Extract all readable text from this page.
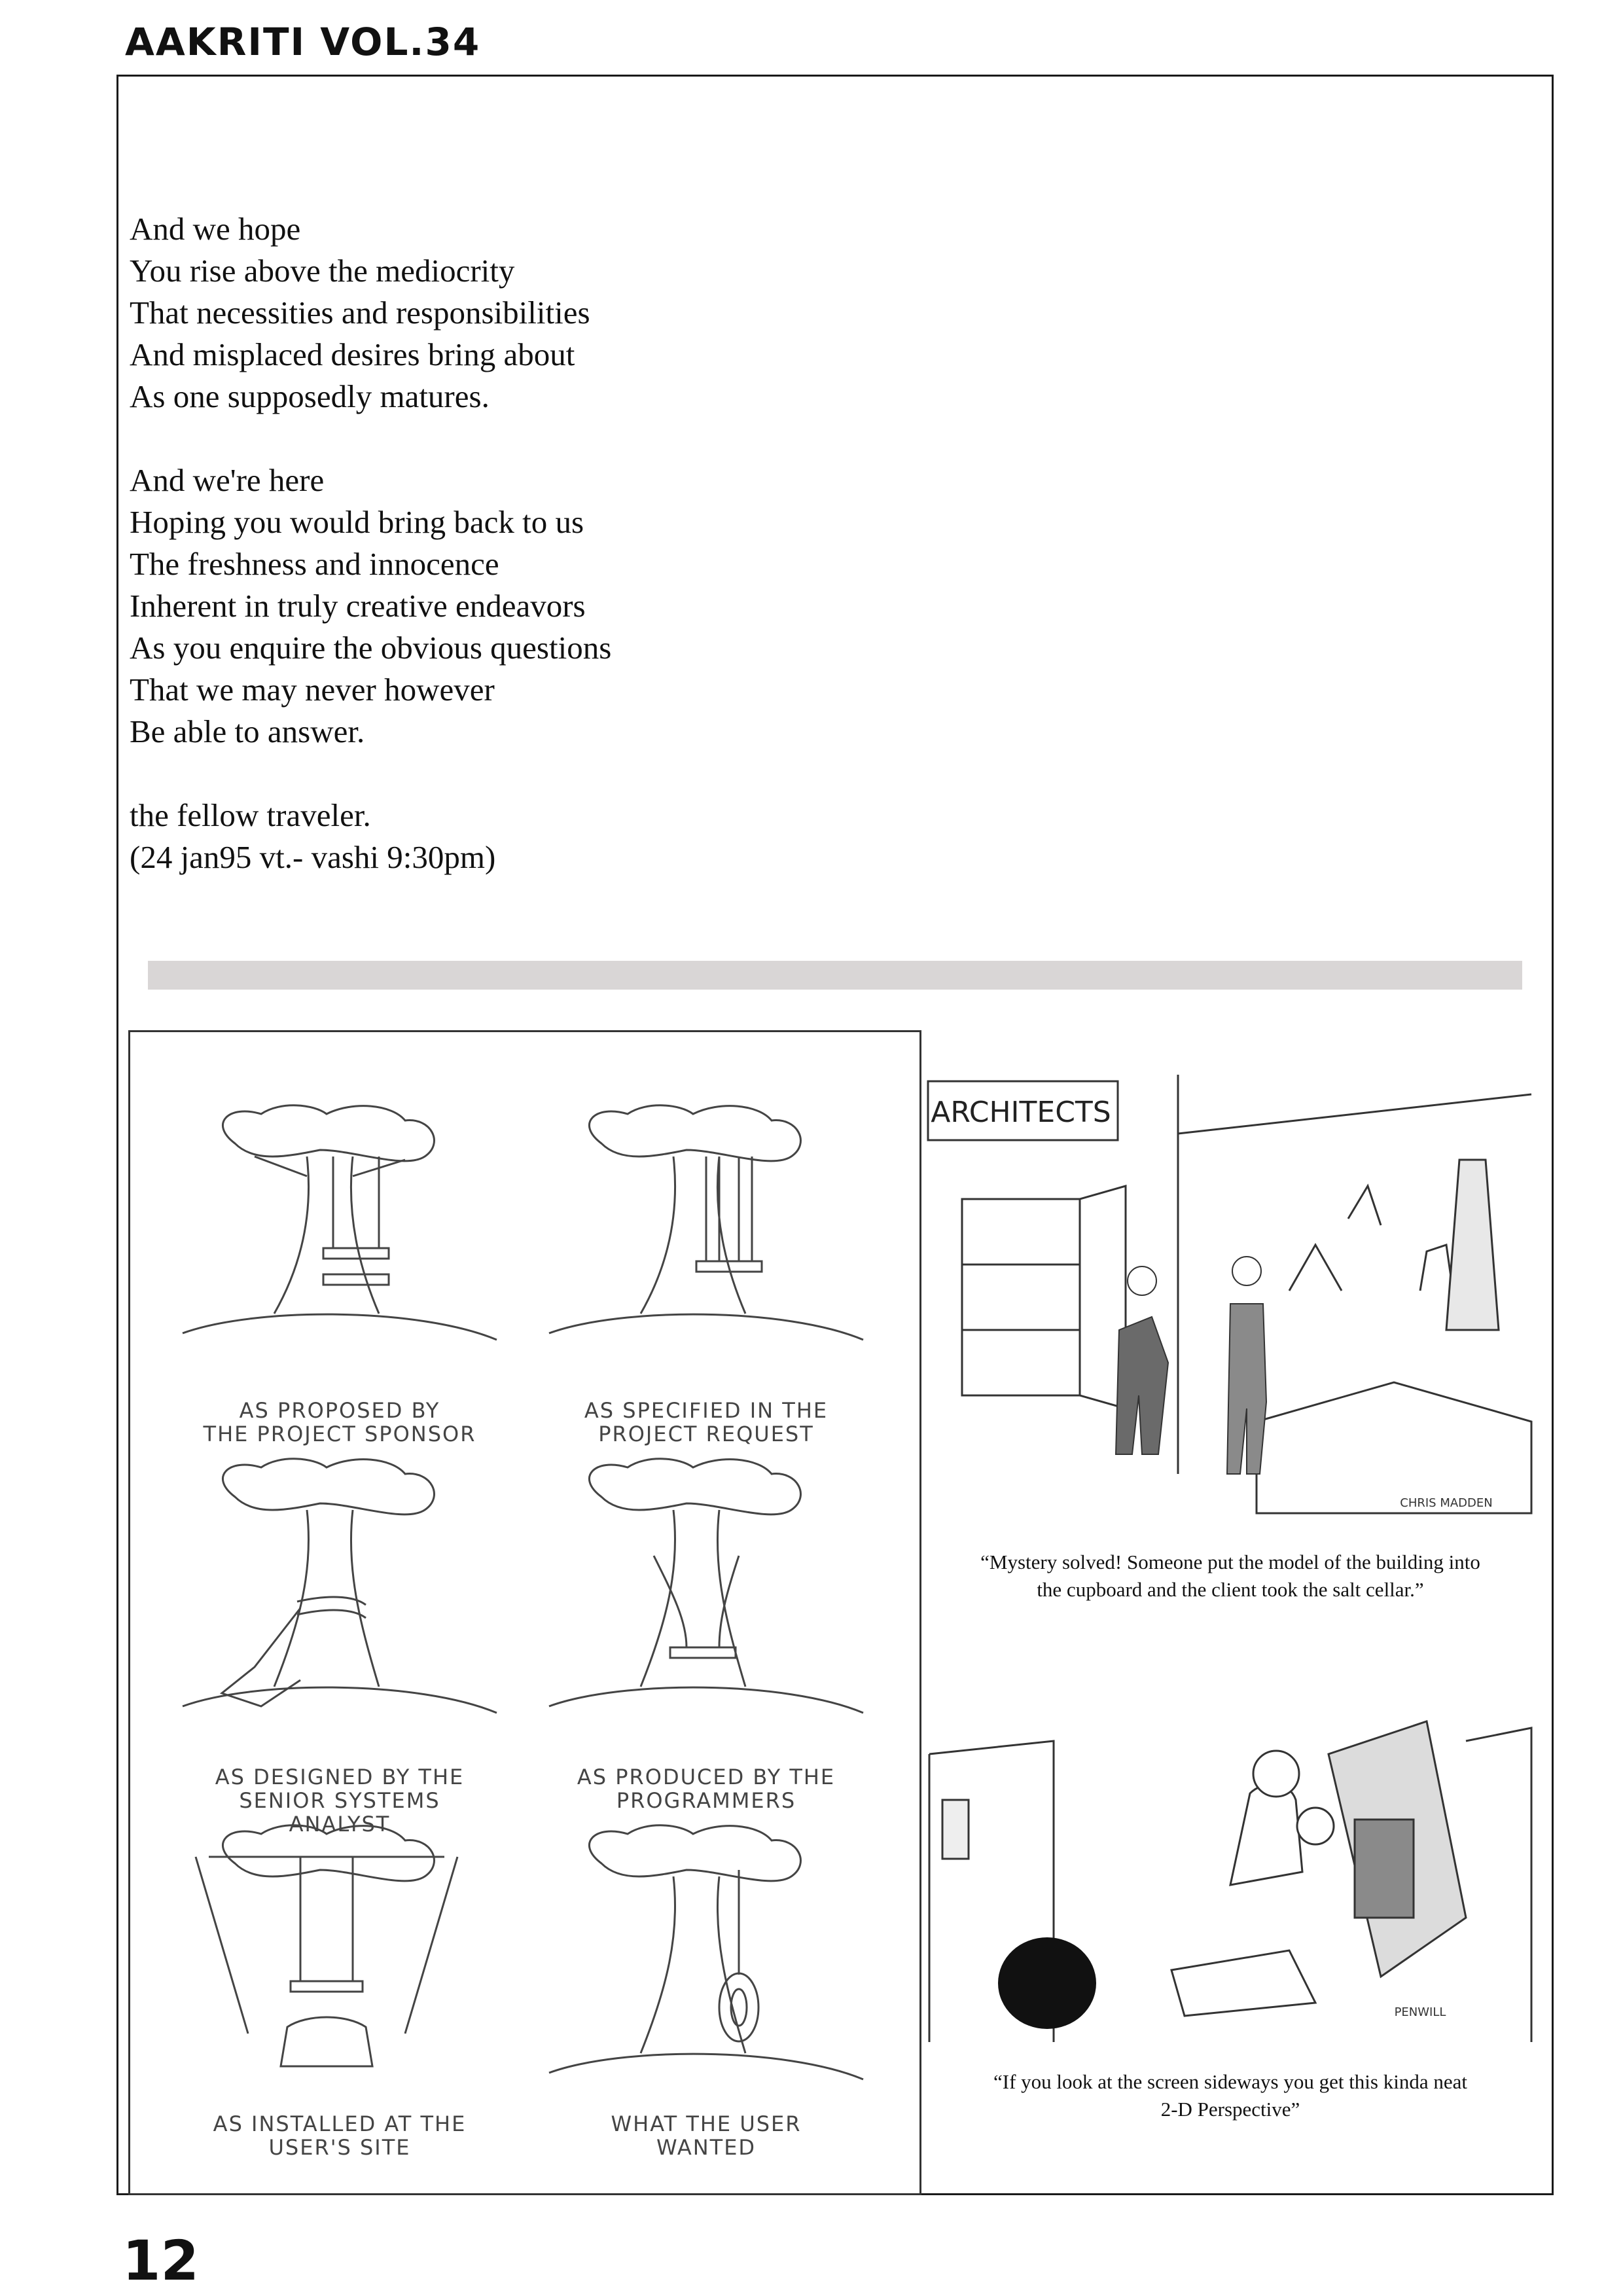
AAKRITI VOL.34
And we hope
You rise above the mediocrity
That necessities and responsibilities
And misplaced desires bring about
As one supposedly matures.
And we're here
Hoping you would bring back to us
The freshness and innocence
Inherent in truly creative endeavors
As you enquire the obvious questions
That we may never however
Be able to answer.
the fellow traveler.
(24 jan95 vt.- vashi 9:30pm)
AS PROPOSED BY
THE PROJECT SPONSOR
AS SPECIFIED IN THE
PROJECT REQUEST
AS DESIGNED BY THE
SENIOR SYSTEMS
ANALYST
AS PRODUCED BY THE
PROGRAMMERS
AS INSTALLED AT THE
USER'S SITE
WHAT THE USER
WANTED
ARCHITECTS
CHRIS MADDEN
“Mystery solved! Someone put the model of the building into
the cupboard and the client took the salt cellar.”
PENWILL
“If you look at the screen sideways you get this kinda neat
2-D Perspective”
12
